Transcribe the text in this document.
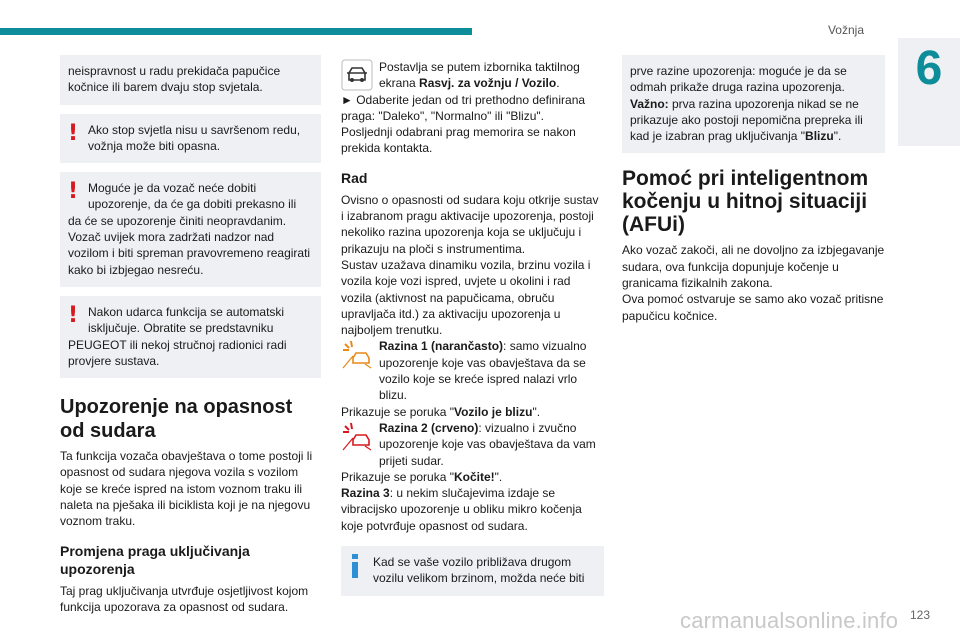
Vožnja
6

neispravnost u radu prekidača papučice kočnice ili barem dvaju stop svjetala.

! Ako stop svjetla nisu u savršenom redu, vožnja može biti opasna.

! Moguće je da vozač neće dobiti upozorenje, da će ga dobiti prekasno ili

da će se upozorenje činiti neopravdanim. Vozač uvijek mora zadržati nadzor nad vozilom i biti spreman pravovremeno reagirati kako bi izbjegao nesreću.

! Nakon udarca funkcija se automatski isključuje. Obratite se predstavniku

PEUGEOT ili nekoj stručnoj radionici radi provjere sustava.

Upozorenje na opasnost od sudara

Ta funkcija vozača obavještava o tome postoji li opasnost od sudara njegova vozila s vozilom koje se kreće ispred na istom voznom traku ili naleta na pješaka ili biciklista koji je na njegovu voznom traku.

Promjena praga uključivanja upozorenja

Taj prag uključivanja utvrđuje osjetljivost kojom funkcija upozorava za opasnost od sudara.

Postavlja se putem izbornika taktilnog ekrana Rasvj. za vožnju / Vozilo.

► Odaberite jedan od tri prethodno definirana praga: "Daleko", "Normalno" ili "Blizu".

Posljednji odabrani prag memorira se nakon prekida kontakta.

Rad

Ovisno o opasnosti od sudara koju otkrije sustav i izabranom pragu aktivacije upozorenja, postoji nekoliko razina upozorenja koja se uključuju i prikazuju na ploči s instrumentima.

Sustav uzažava dinamiku vozila, brzinu vozila i vozila koje vozi ispred, uvjete u okolini i rad vozila (aktivnost na papučicama, obruču upravljača itd.) za aktivaciju upozorenja u najboljem trenutku.

Razina 1 (narančasto): samo vizualno upozorenje koje vas obavještava da se vozilo koje se kreće ispred nalazi vrlo blizu.

Prikazuje se poruka "Vozilo je blizu".

Razina 2 (crveno): vizualno i zvučno upozorenje koje vas obavještava da vam prijeti sudar.

Prikazuje se poruka "Kočite!".

Razina 3: u nekim slučajevima izdaje se vibracijsko upozorenje u obliku mikro kočenja koje potvrđuje opasnost od sudara.

Kad se vaše vozilo približava drugom vozilu velikom brzinom, možda neće biti

prve razine upozorenja: moguće je da se odmah prikaže druga razina upozorenja.

Važno: prva razina upozorenja nikad se ne prikazuje ako postoji nepomična prepreka ili kad je izabran prag uključivanja "Blizu".

Pomoć pri inteligentnom kočenju u hitnoj situaciji (AFUi)

Ako vozač zakoči, ali ne dovoljno za izbjegavanje sudara, ova funkcija dopunjuje kočenje u granicama fizikalnih zakona.

Ova pomoć ostvaruje se samo ako vozač pritisne papučicu kočnice.

carmanualsonline.info 123
